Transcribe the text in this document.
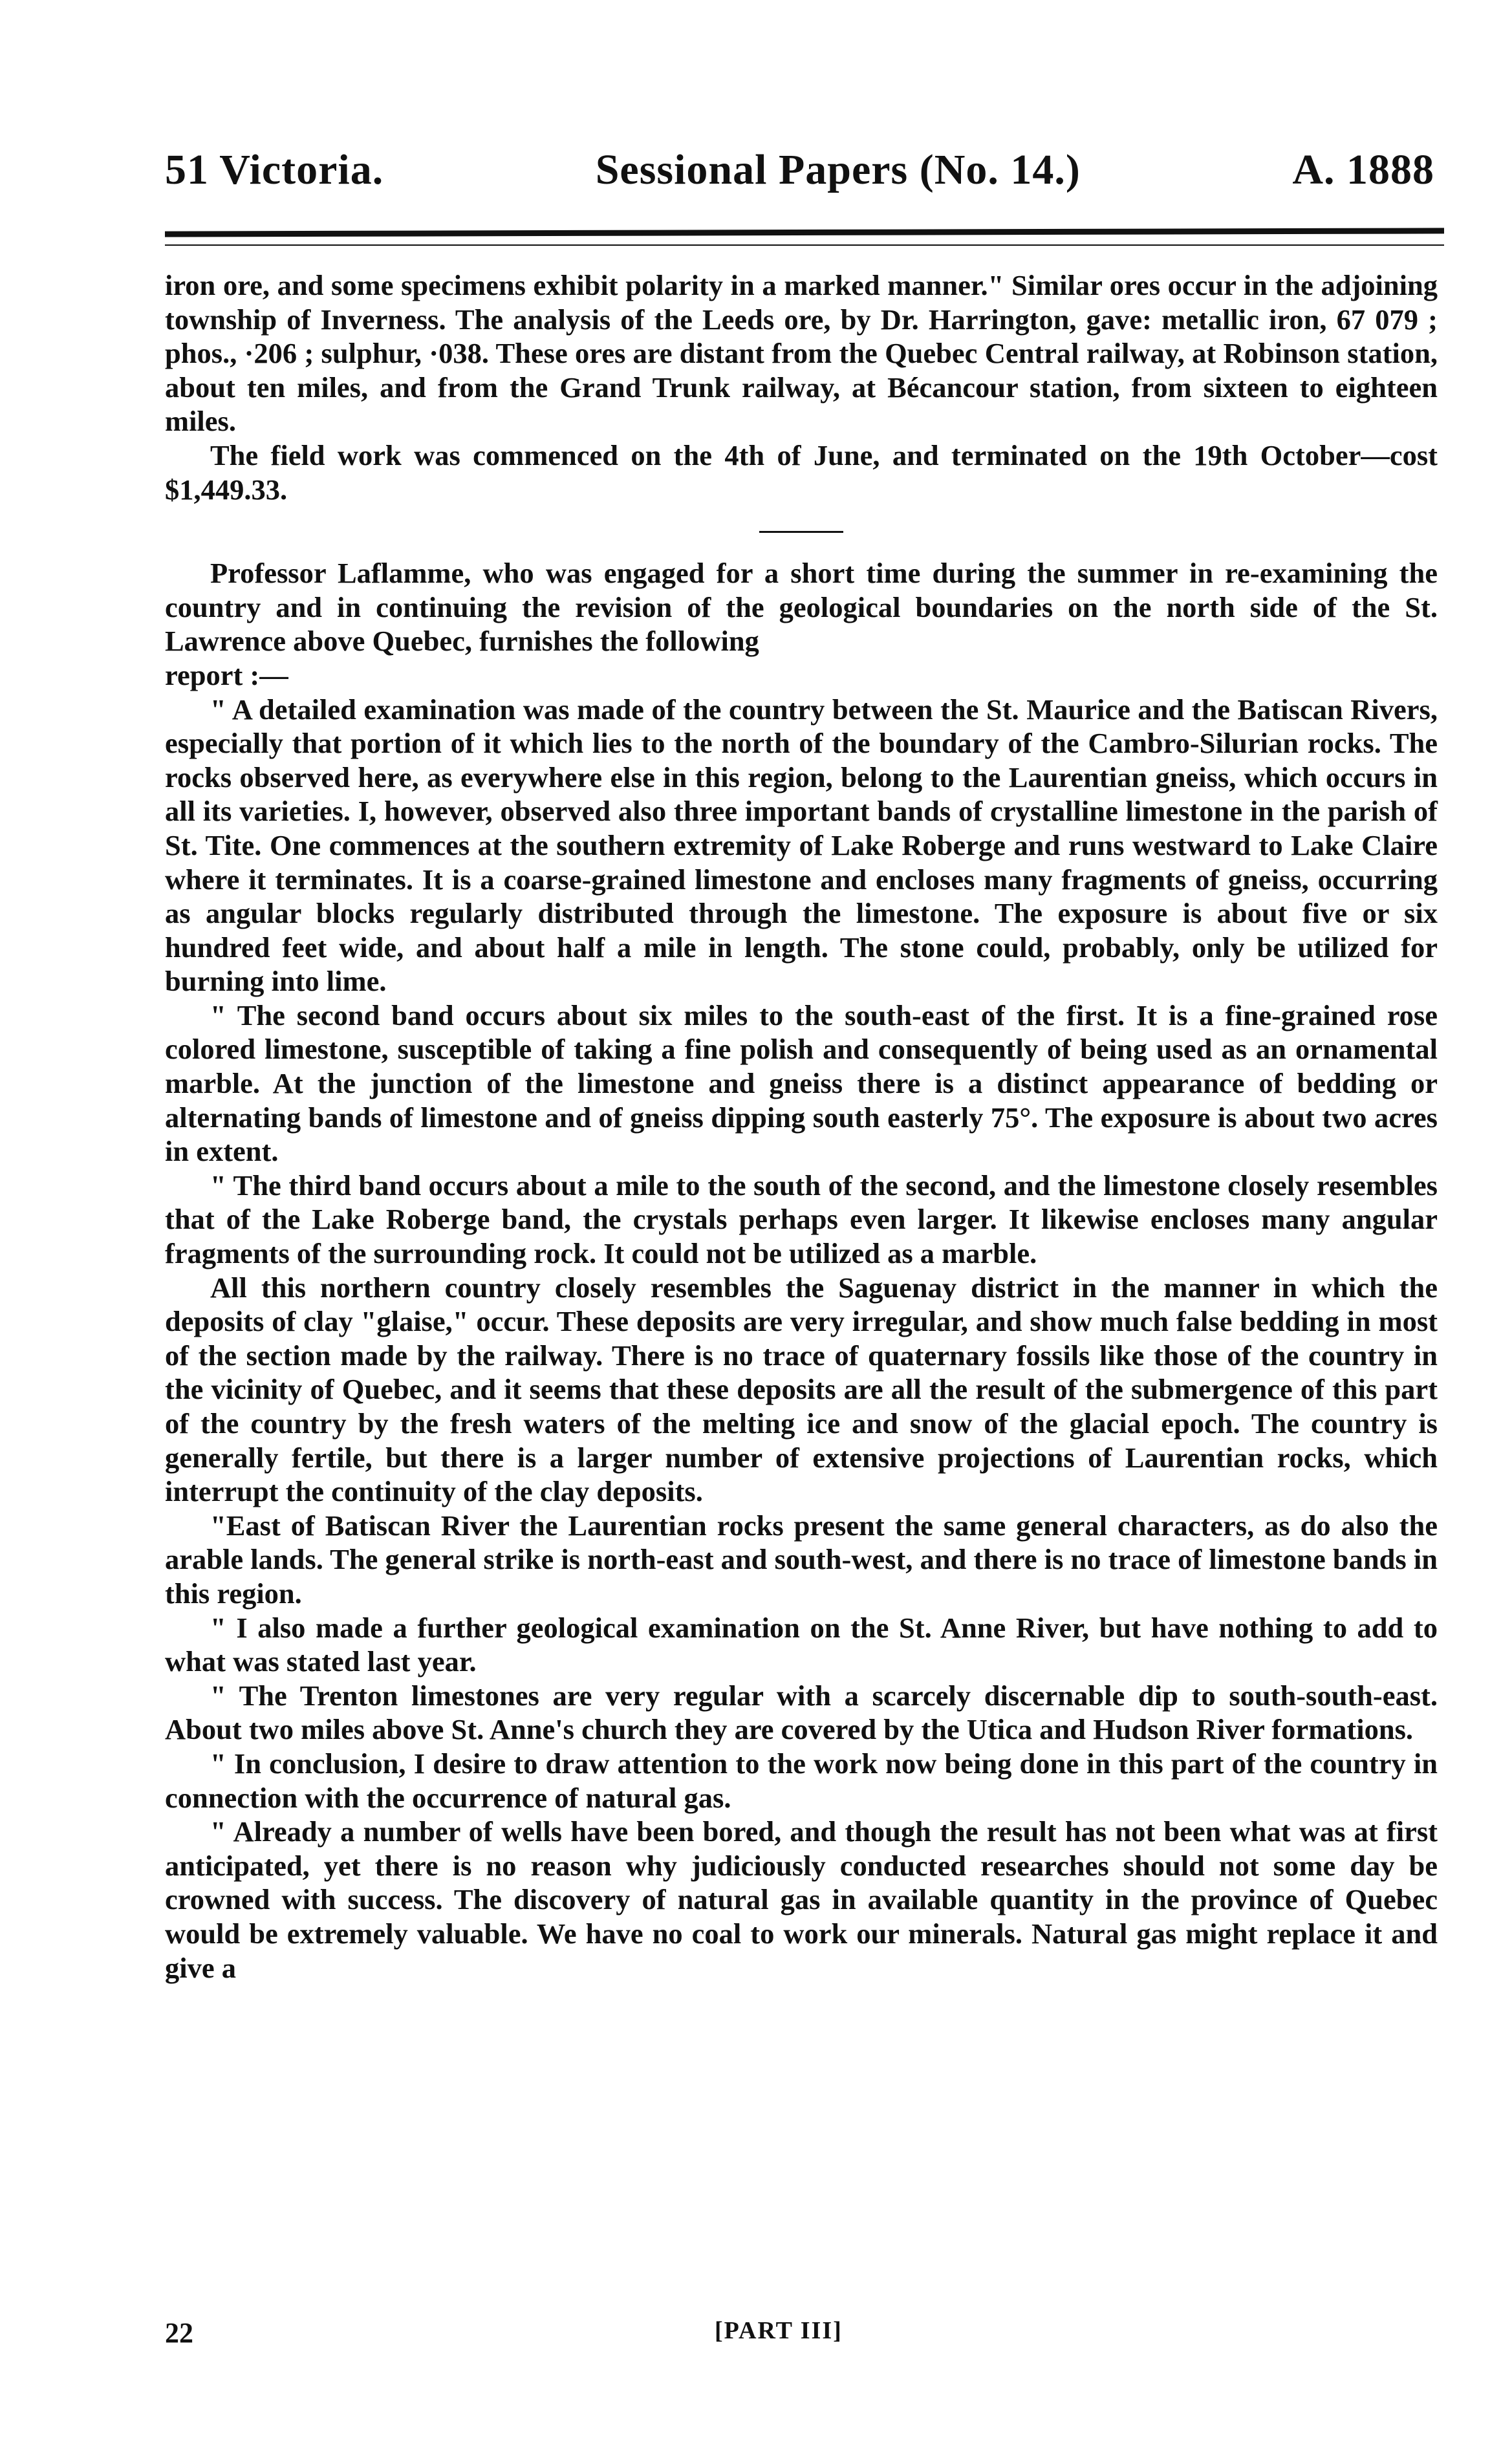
51 Victoria.	Sessional Papers (No. 14.)	A. 1888

iron ore, and some specimens exhibit polarity in a marked manner." Similar ores occur in the adjoining township of Inverness. The analysis of the Leeds ore, by Dr. Harrington, gave: metallic iron, 67 079 ; phos., ·206 ; sulphur, ·038. These ores are distant from the Quebec Central railway, at Robinson station, about ten miles, and from the Grand Trunk railway, at Bécancour station, from sixteen to eighteen miles.

The field work was commenced on the 4th of June, and terminated on the 19th October—cost $1,449.33.

Professor Laflamme, who was engaged for a short time during the summer in re-examining the country and in continuing the revision of the geological boundaries on the north side of the St. Lawrence above Quebec, furnishes the following

report :—

" A detailed examination was made of the country between the St. Maurice and the Batiscan Rivers, especially that portion of it which lies to the north of the boundary of the Cambro-Silurian rocks. The rocks observed here, as everywhere else in this region, belong to the Laurentian gneiss, which occurs in all its varieties. I, however, observed also three important bands of crystalline limestone in the parish of St. Tite. One commences at the southern extremity of Lake Roberge and runs westward to Lake Claire where it terminates. It is a coarse-grained limestone and encloses many fragments of gneiss, occurring as angular blocks regularly distributed through the limestone. The exposure is about five or six hundred feet wide, and about half a mile in length. The stone could, probably, only be utilized for burning into lime.

" The second band occurs about six miles to the south-east of the first. It is a fine-grained rose colored limestone, susceptible of taking a fine polish and consequently of being used as an ornamental marble. At the junction of the limestone and gneiss there is a distinct appearance of bedding or alternating bands of limestone and of gneiss dipping south easterly 75°. The exposure is about two acres in extent.

" The third band occurs about a mile to the south of the second, and the limestone closely resembles that of the Lake Roberge band, the crystals perhaps even larger. It likewise encloses many angular fragments of the surrounding rock. It could not be utilized as a marble.

All this northern country closely resembles the Saguenay district in the manner in which the deposits of clay "glaise," occur. These deposits are very irregular, and show much false bedding in most of the section made by the railway. There is no trace of quaternary fossils like those of the country in the vicinity of Quebec, and it seems that these deposits are all the result of the submergence of this part of the country by the fresh waters of the melting ice and snow of the glacial epoch. The country is generally fertile, but there is a larger number of extensive projections of Laurentian rocks, which interrupt the continuity of the clay deposits.

"East of Batiscan River the Laurentian rocks present the same general characters, as do also the arable lands. The general strike is north-east and south-west, and there is no trace of limestone bands in this region.

" I also made a further geological examination on the St. Anne River, but have nothing to add to what was stated last year.

" The Trenton limestones are very regular with a scarcely discernable dip to south-south-east. About two miles above St. Anne's church they are covered by the Utica and Hudson River formations.

" In conclusion, I desire to draw attention to the work now being done in this part of the country in connection with the occurrence of natural gas.

" Already a number of wells have been bored, and though the result has not been what was at first anticipated, yet there is no reason why judiciously conducted researches should not some day be crowned with success. The discovery of natural gas in available quantity in the province of Quebec would be extremely valuable. We have no coal to work our minerals. Natural gas might replace it and give a

22	[PART III]
